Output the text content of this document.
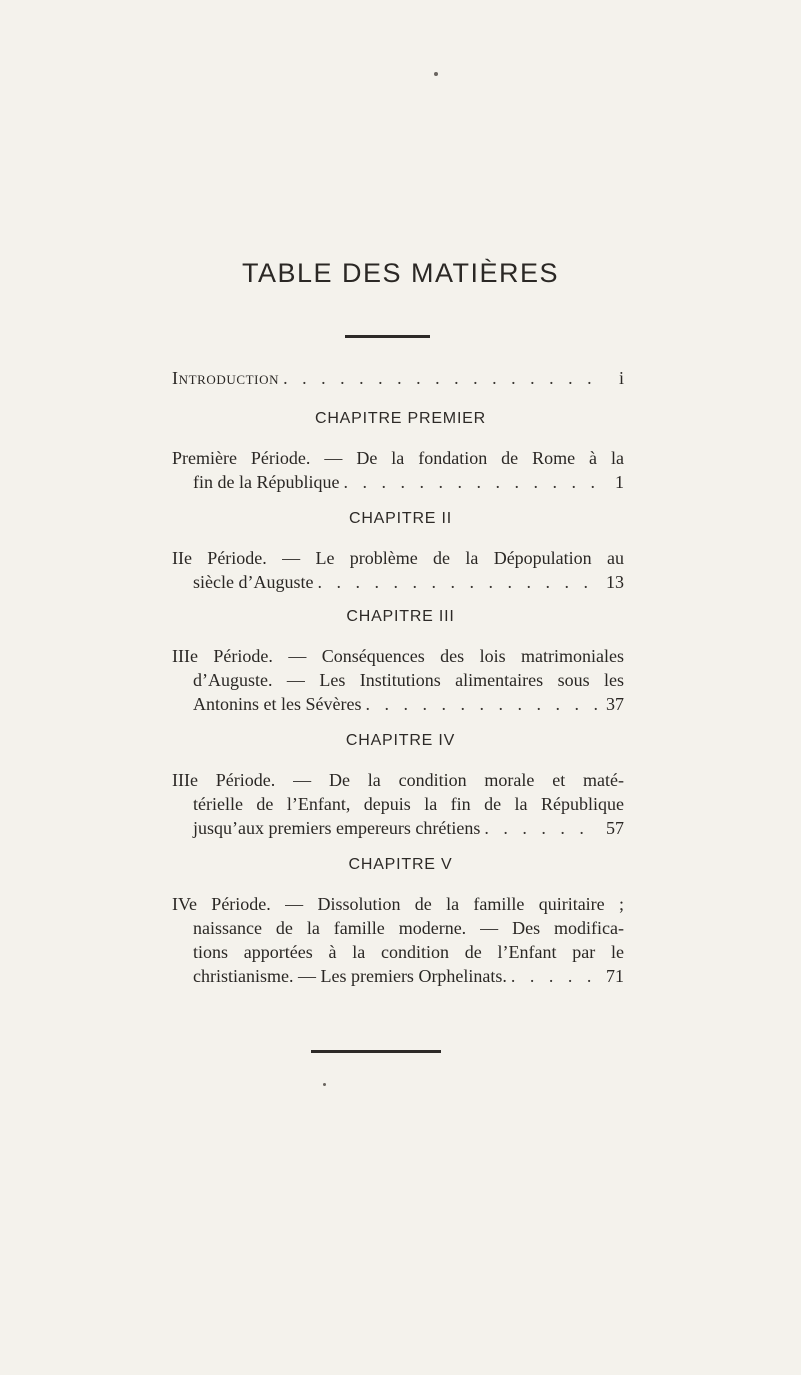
TABLE DES MATIÈRES
Introduction . . .	i
CHAPITRE PREMIER
Première Période. — De la fondation de Rome à la
fin de la République . . .	1
CHAPITRE II
IIe Période. — Le problème de la Dépopulation au
siècle d’Auguste . . .	13
CHAPITRE III
IIIe Période. — Conséquences des lois matrimoniales
d’Auguste. — Les Institutions alimentaires sous les
Antonins et les Sévères . . .	37
CHAPITRE IV
IIIe Période. — De la condition morale et maté-
térielle de l’Enfant, depuis la fin de la République
jusqu’aux premiers empereurs chrétiens . . .	57
CHAPITRE V
IVe Période. — Dissolution de la famille quiritaire ;
naissance de la famille moderne. — Des modifica-
tions apportées à la condition de l’Enfant par le
christianisme. — Les premiers Orphelinats. . . .	71
